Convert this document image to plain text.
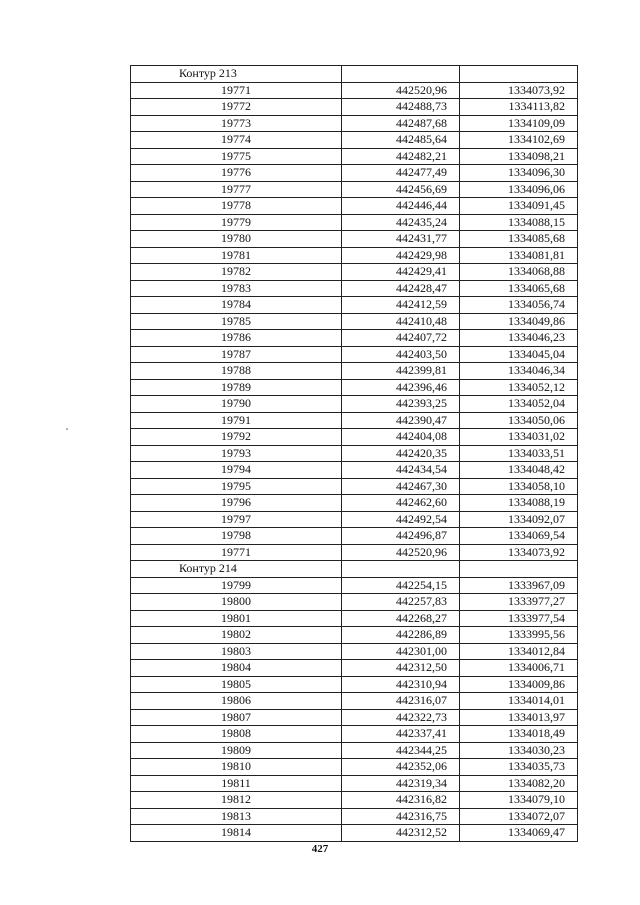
Контур 213		
19771	442520,96	1334073,92
19772	442488,73	1334113,82
19773	442487,68	1334109,09
19774	442485,64	1334102,69
19775	442482,21	1334098,21
19776	442477,49	1334096,30
19777	442456,69	1334096,06
19778	442446,44	1334091,45
19779	442435,24	1334088,15
19780	442431,77	1334085,68
19781	442429,98	1334081,81
19782	442429,41	1334068,88
19783	442428,47	1334065,68
19784	442412,59	1334056,74
19785	442410,48	1334049,86
19786	442407,72	1334046,23
19787	442403,50	1334045,04
19788	442399,81	1334046,34
19789	442396,46	1334052,12
19790	442393,25	1334052,04
19791	442390,47	1334050,06
19792	442404,08	1334031,02
19793	442420,35	1334033,51
19794	442434,54	1334048,42
19795	442467,30	1334058,10
19796	442462,60	1334088,19
19797	442492,54	1334092,07
19798	442496,87	1334069,54
19771	442520,96	1334073,92
Контур 214		
19799	442254,15	1333967,09
19800	442257,83	1333977,27
19801	442268,27	1333977,54
19802	442286,89	1333995,56
19803	442301,00	1334012,84
19804	442312,50	1334006,71
19805	442310,94	1334009,86
19806	442316,07	1334014,01
19807	442322,73	1334013,97
19808	442337,41	1334018,49
19809	442344,25	1334030,23
19810	442352,06	1334035,73
19811	442319,34	1334082,20
19812	442316,82	1334079,10
19813	442316,75	1334072,07
19814	442312,52	1334069,47
427
